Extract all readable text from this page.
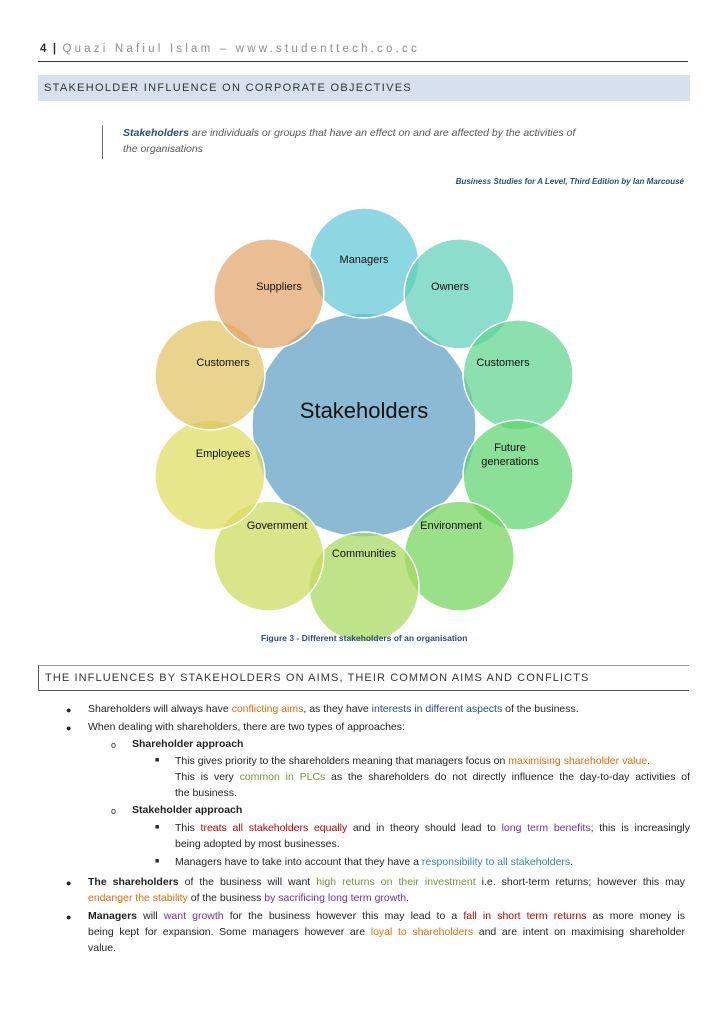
4 | Quazi Nafiul Islam – www.studenttech.co.cc
STAKEHOLDER INFLUENCE ON CORPORATE OBJECTIVES
Stakeholders are individuals or groups that have an effect on and are affected by the activities of
the organisations
Business Studies for A Level, Third Edition by Ian Marcousé
Managers
Owners
Customers
Future generations
Environment
Communities
Government
Employees
Customers
Suppliers
Stakeholders
Figure 3 - Different stakeholders of an organisation
THE INFLUENCES BY STAKEHOLDERS ON AIMS, THEIR COMMON AIMS AND CONFLICTS
● Shareholders will always have conflicting aims, as they have interests in different aspects of the business.
● When dealing with shareholders, there are two types of approaches:
o Shareholder approach
■ This gives priority to the shareholders meaning that managers focus on maximising shareholder value.
This is very common in PLCs as the shareholders do not directly influence the day-to-day activities of
the business.
o Stakeholder approach
■ This treats all stakeholders equally and in theory should lead to long term benefits; this is increasingly
being adopted by most businesses.
■ Managers have to take into account that they have a responsibility to all stakeholders.
● The shareholders of the business will want high returns on their investment i.e. short-term returns; however this may
endanger the stability of the business by sacrificing long term growth.
● Managers will want growth for the business however this may lead to a fall in short term returns as more money is
being kept for expansion. Some managers however are loyal to shareholders and are intent on maximising shareholder
value.
